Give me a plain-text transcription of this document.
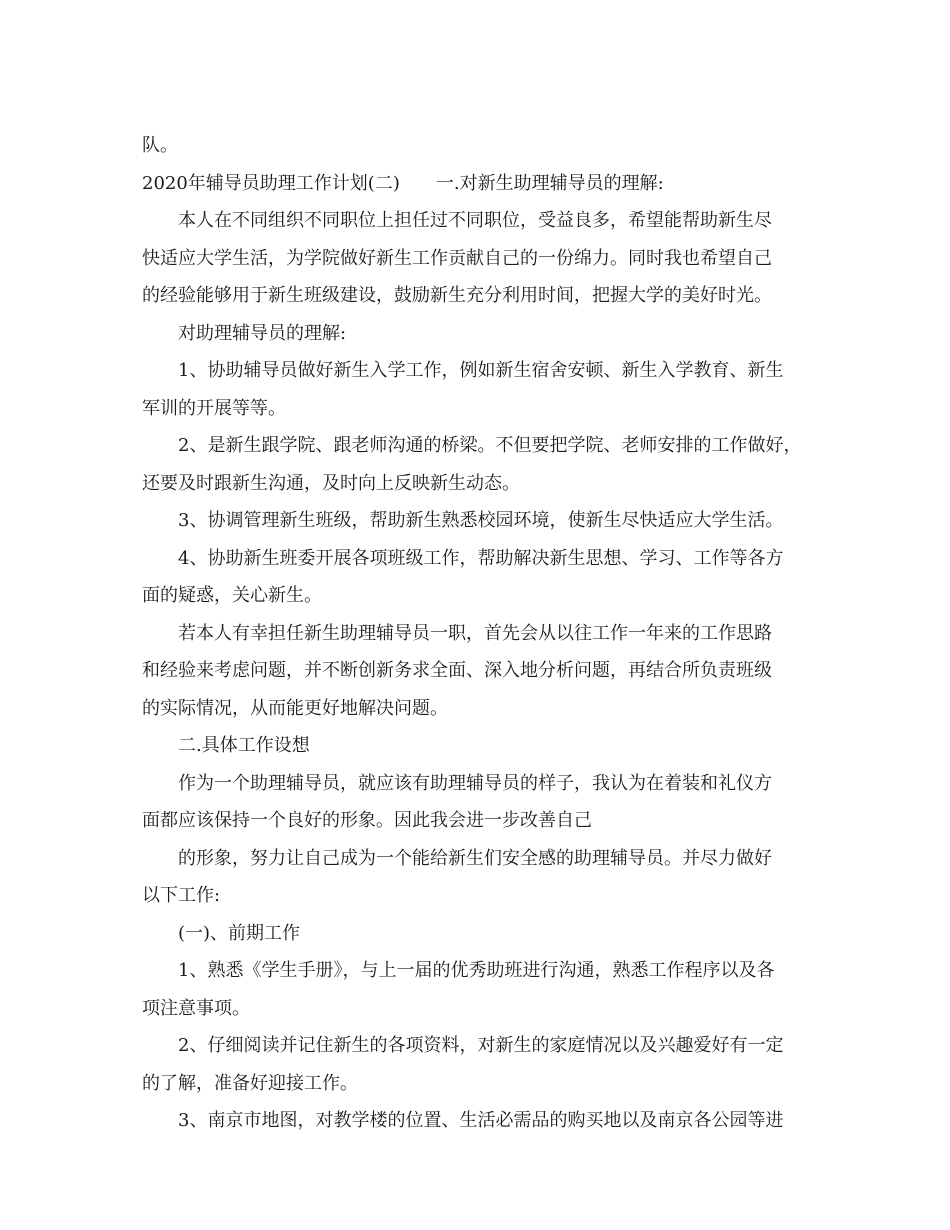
队。

2020年辅导员助理工作计划(二)　　一.对新生助理辅导员的理解:

本人在不同组织不同职位上担任过不同职位，受益良多，希望能帮助新生尽

快适应大学生活，为学院做好新生工作贡献自己的一份绵力。同时我也希望自己

的经验能够用于新生班级建设，鼓励新生充分利用时间，把握大学的美好时光。

对助理辅导员的理解:

1、协助辅导员做好新生入学工作，例如新生宿舍安顿、新生入学教育、新生

军训的开展等等。

2、是新生跟学院、跟老师沟通的桥梁。不但要把学院、老师安排的工作做好，

还要及时跟新生沟通，及时向上反映新生动态。

3、协调管理新生班级，帮助新生熟悉校园环境，使新生尽快适应大学生活。

4、协助新生班委开展各项班级工作，帮助解决新生思想、学习、工作等各方

面的疑惑，关心新生。

若本人有幸担任新生助理辅导员一职，首先会从以往工作一年来的工作思路

和经验来考虑问题，并不断创新务求全面、深入地分析问题，再结合所负责班级

的实际情况，从而能更好地解决问题。

二.具体工作设想

作为一个助理辅导员，就应该有助理辅导员的样子，我认为在着装和礼仪方

面都应该保持一个良好的形象。因此我会进一步改善自己

的形象，努力让自己成为一个能给新生们安全感的助理辅导员。并尽力做好

以下工作:

(一)、前期工作

1、熟悉《学生手册》，与上一届的优秀助班进行沟通，熟悉工作程序以及各

项注意事项。

2、仔细阅读并记住新生的各项资料，对新生的家庭情况以及兴趣爱好有一定

的了解，准备好迎接工作。

3、南京市地图，对教学楼的位置、生活必需品的购买地以及南京各公园等进
